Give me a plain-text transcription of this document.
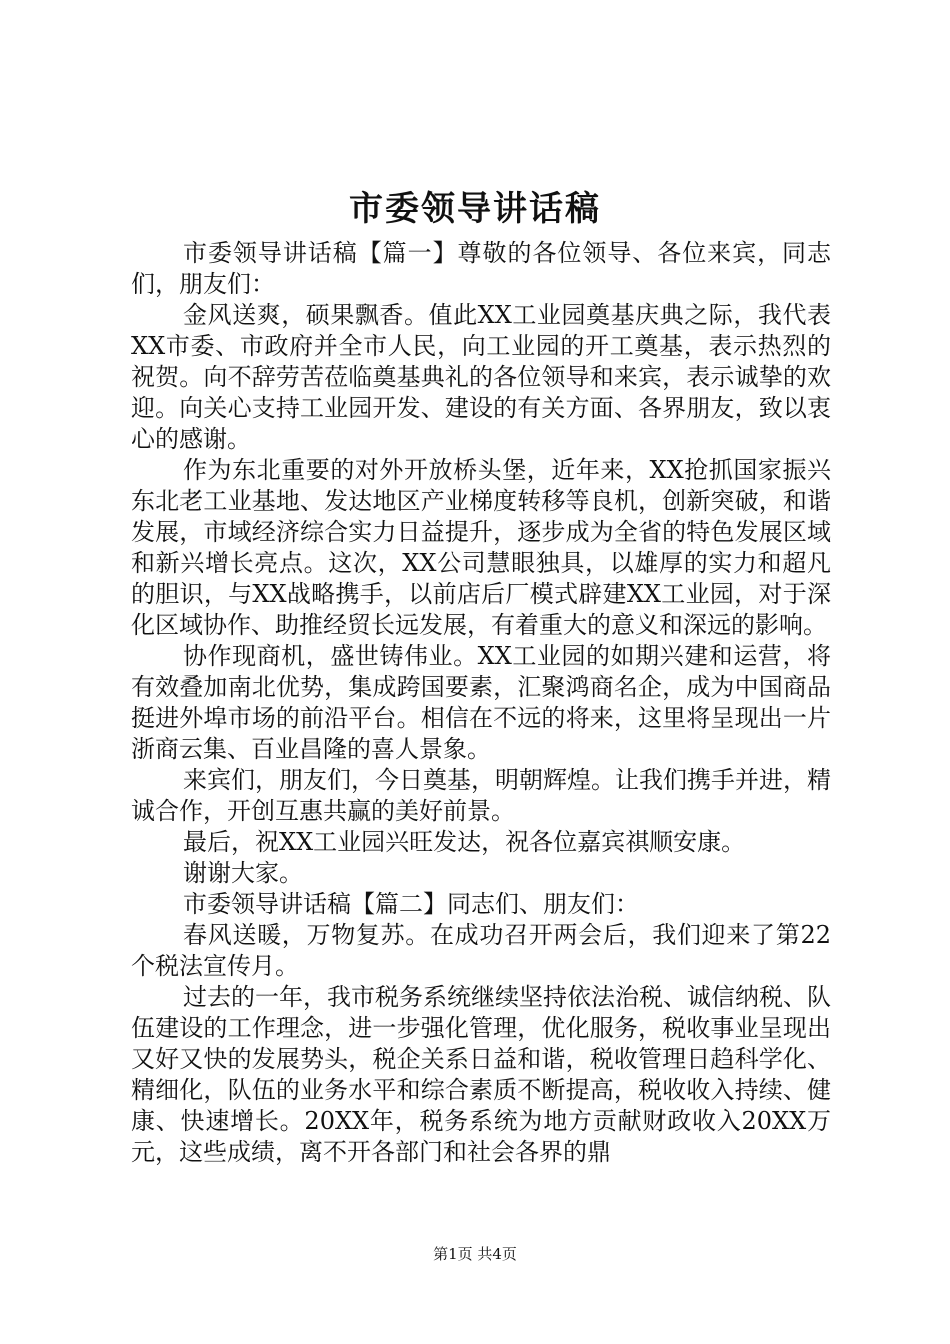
市委领导讲话稿

市委领导讲话稿【篇一】尊敬的各位领导、各位来宾，同志们，朋友们：

金风送爽，硕果飘香。值此XX工业园奠基庆典之际，我代表XX市委、市政府并全市人民，向工业园的开工奠基，表示热烈的祝贺。向不辞劳苦莅临奠基典礼的各位领导和来宾，表示诚挚的欢迎。向关心支持工业园开发、建设的有关方面、各界朋友，致以衷心的感谢。

作为东北重要的对外开放桥头堡，近年来，XX抢抓国家振兴东北老工业基地、发达地区产业梯度转移等良机，创新突破，和谐发展，市域经济综合实力日益提升，逐步成为全省的特色发展区域和新兴增长亮点。这次，XX公司慧眼独具，以雄厚的实力和超凡的胆识，与XX战略携手，以前店后厂模式辟建XX工业园，对于深化区域协作、助推经贸长远发展，有着重大的意义和深远的影响。

协作现商机，盛世铸伟业。XX工业园的如期兴建和运营，将有效叠加南北优势，集成跨国要素，汇聚鸿商名企，成为中国商品挺进外埠市场的前沿平台。相信在不远的将来，这里将呈现出一片浙商云集、百业昌隆的喜人景象。

来宾们，朋友们，今日奠基，明朝辉煌。让我们携手并进，精诚合作，开创互惠共赢的美好前景。

最后，祝XX工业园兴旺发达，祝各位嘉宾祺顺安康。

谢谢大家。

市委领导讲话稿【篇二】同志们、朋友们：

春风送暖，万物复苏。在成功召开两会后，我们迎来了第22个税法宣传月。

过去的一年，我市税务系统继续坚持依法治税、诚信纳税、队伍建设的工作理念，进一步强化管理，优化服务，税收事业呈现出又好又快的发展势头，税企关系日益和谐，税收管理日趋科学化、精细化，队伍的业务水平和综合素质不断提高，税收收入持续、健康、快速增长。20XX年，税务系统为地方贡献财政收入20XX万元，这些成绩，离不开各部门和社会各界的鼎

第1页 共4页
